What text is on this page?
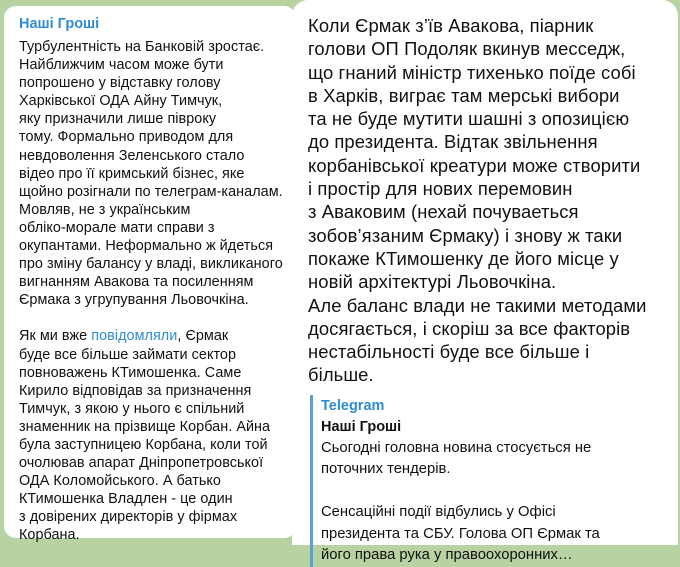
Наші Гроші

Турбулентність на Банковій зростає.
Найближчим часом може бути
попрошено у відставку голову
Харківської ОДА Айну Тимчук,
яку призначили лише півроку
тому. Формально приводом для
невдоволення Зеленського стало
відео про її кримський бізнес, яке
щойно розігнали по телеграм-каналам.
Мовляв, не з українським
обліко-морале мати справи з
окупантами. Неформально ж йдеться
про зміну балансу у владі, викликаного
вигнанням Авакова та посиленням
Єрмака з угрупування Льовочкіна.

Як ми вже повідомляли, Єрмак
буде все більше займати сектор
повноважень КТимошенка. Саме
Кирило відповідав за призначення
Тимчук, з якою у нього є спільний
знаменник на прізвище Корбан. Айна
була заступницею Корбана, коли той
очолював апарат Дніпропетровської
ОДА Коломойського. А батько
КТимошенка Владлен - це один
з довірених директорів у фірмах
Корбана.

Коли Єрмак з’їв Авакова, піарник
голови ОП Подоляк вкинув месседж,
що гнаний міністр тихенько поїде собі
в Харків, виграє там мерські вибори
та не буде мутити шашні з опозицією
до президента. Відтак звільнення
корбанівської креатури може створити
і простір для нових перемовин
з Аваковим (нехай почуваеться
зобов’язаним Єрмаку) і знову ж таки
покаже КТимошенку де його місце у
новій архітектурі Льовочкіна.
Але баланс влади не такими методами
досягається, і скоріш за все факторів
нестабільності буде все більше і
більше.
Telegram
Наші Гроші
Сьогодні головна новина стосується не
поточних тендерів.
Сенсаційні події відбулись у Офісі
президента та СБУ. Голова ОП Єрмак та
його права рука у правоохоронних…
